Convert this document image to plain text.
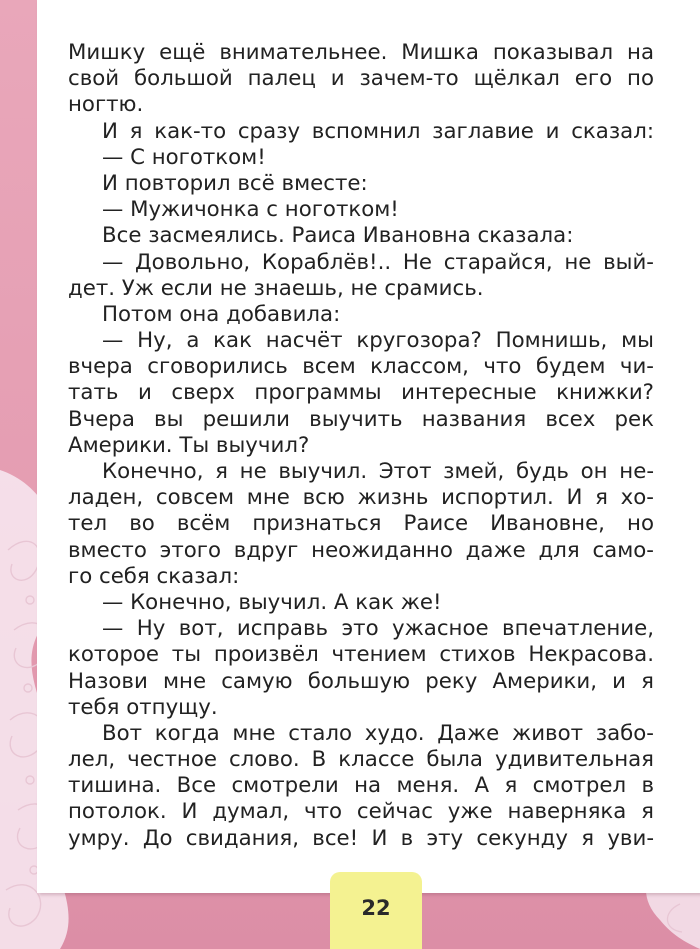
Мишку ещё внимательнее. Мишка показывал на
свой большой палец и зачем-то щёлкал его по
ногтю.
И я как-то сразу вспомнил заглавие и сказал:
— С ноготком!
И повторил всё вместе:
— Мужичонка с ноготком!
Все засмеялись. Раиса Ивановна сказала:
— Довольно, Кораблёв!.. Не старайся, не вый-
дет. Уж если не знаешь, не срамись.
Потом она добавила:
— Ну, а как насчёт кругозора? Помнишь, мы
вчера сговорились всем классом, что будем чи-
тать и сверх программы интересные книжки?
Вчера вы решили выучить названия всех рек
Америки. Ты выучил?
Конечно, я не выучил. Этот змей, будь он не-
ладен, совсем мне всю жизнь испортил. И я хо-
тел во всём признаться Раисе Ивановне, но
вместо этого вдруг неожиданно даже для само-
го себя сказал:
— Конечно, выучил. А как же!
— Ну вот, исправь это ужасное впечатление,
которое ты произвёл чтением стихов Некрасова.
Назови мне самую большую реку Америки, и я
тебя отпущу.
Вот когда мне стало худо. Даже живот забо-
лел, честное слово. В классе была удивительная
тишина. Все смотрели на меня. А я смотрел в
потолок. И думал, что сейчас уже наверняка я
умру. До свидания, все! И в эту секунду я уви-
22
